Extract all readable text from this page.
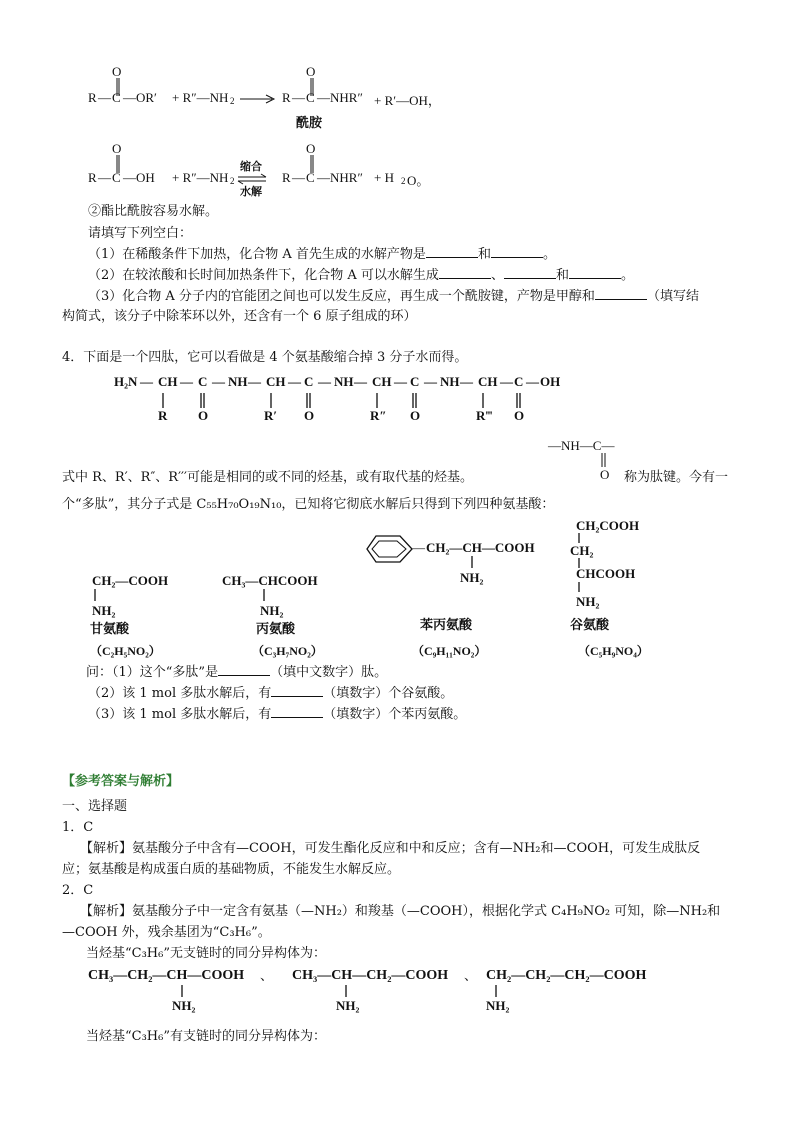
O
R — C — OR′ + R″—NH 2 →
O
R — C — NHR″ + R′—OH，
酰胺
O
R — C — OH + R″—NH 2
缩合
水解
O
R — C — NHR″ + H 2 O。
②酯比酰胺容易水解。
请填写下列空白：
（1）在稀酸条件下加热，化合物 A 首先生成的水解产物是	和	。
（2）在较浓酸和长时间加热条件下，化合物 A 可以水解生成	、	和	。
（3）化合物 A 分子内的官能团之间也可以发生反应，再生成一个酰胺键，产物是甲醇和	（填写结
构简式，该分子中除苯环以外，还含有一个 6 原子组成的环）
4．下面是一个四肽，它可以看做是 4 个氨基酸缩合掉 3 分子水而得。
H₂N — CH — C — NH — CH — C — NH — CH — C — NH — CH — C — OH
R O	R′ O	R″ O	R‴ O
—NH—C—
O
式中 R、R′、R″、R′′′可能是相同的或不同的烃基，或有取代基的烃基。	称为肽键。今有一
个“多肽”，其分子式是 C₅₅H₇₀O₁₉N₁₀，已知将它彻底水解后只得到下列四种氨基酸：
CH₂—COOH
NH₂
甘氨酸
（C₂H₅NO₂）
CH₃—CHCOOH
NH₂
丙氨酸
（C₃H₇NO₂）
— CH₂—CH—COOH
NH₂
苯丙氨酸
（C₉H₁₁NO₂）
CH₂COOH
CH₂
CHCOOH
NH₂
谷氨酸
（C₅H₉NO₄）
问：（1）这个“多肽”是	（填中文数字）肽。
（2）该 1 mol 多肽水解后，有	（填数字）个谷氨酸。
（3）该 1 mol 多肽水解后，有	（填数字）个苯丙氨酸。
【参考答案与解析】
一、选择题
1．C
【解析】氨基酸分子中含有—COOH，可发生酯化反应和中和反应；含有—NH₂和—COOH，可发生成肽反
应；氨基酸是构成蛋白质的基础物质，不能发生水解反应。
2．C
【解析】氨基酸分子中一定含有氨基（—NH₂）和羧基（—COOH），根据化学式 C₄H₉NO₂ 可知，除—NH₂和
—COOH 外，残余基团为“C₃H₆”。
当烃基“C₃H₆”无支链时的同分异构体为：
CH₃—CH₂—CH—COOH
NH₂
、 CH₃—CH—CH₂—COOH
NH₂
、 CH₂—CH₂—CH₂—COOH
NH₂
当烃基“C₃H₆”有支链时的同分异构体为：
